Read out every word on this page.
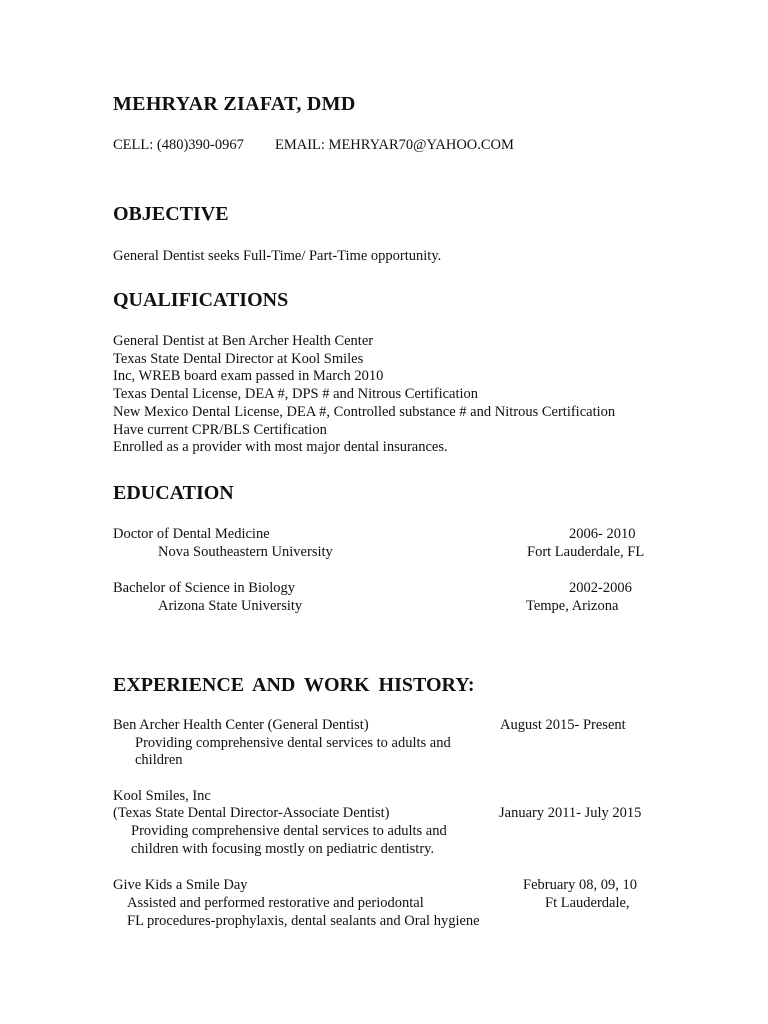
MEHRYAR ZIAFAT, DMD
CELL: (480)390-0967 EMAIL: MEHRYAR70@YAHOO.COM
OBJECTIVE
General Dentist seeks Full-Time/ Part-Time opportunity.
QUALIFICATIONS
General Dentist at Ben Archer Health Center
Texas State Dental Director at Kool Smiles
Inc, WREB board exam passed in March 2010
Texas Dental License, DEA #, DPS # and Nitrous Certification
New Mexico Dental License, DEA #, Controlled substance # and Nitrous Certification
Have current CPR/BLS Certification
Enrolled as a provider with most major dental insurances.
EDUCATION
Doctor of Dental Medicine	2006- 2010
Nova Southeastern University	Fort Lauderdale, FL
Bachelor of Science in Biology	2002-2006
Arizona State University	Tempe, Arizona
EXPERIENCE AND WORK HISTORY:
Ben Archer Health Center (General Dentist)	August 2015- Present
Providing comprehensive dental services to adults and
children
Kool Smiles, Inc
(Texas State Dental Director-Associate Dentist)	January 2011- July 2015
Providing comprehensive dental services to adults and
children with focusing mostly on pediatric dentistry.
Give Kids a Smile Day	February 08, 09, 10
Assisted and performed restorative and periodontal	Ft Lauderdale,
FL procedures-prophylaxis, dental sealants and Oral hygiene
